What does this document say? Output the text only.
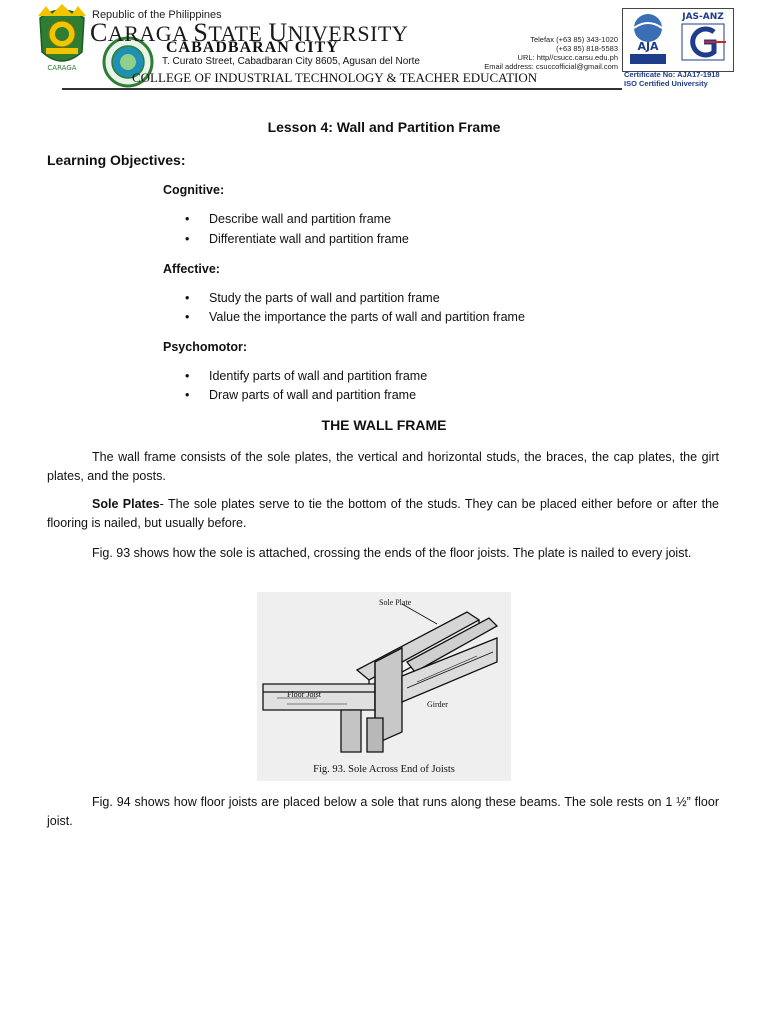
CARAGA
Republic of the Philippines
CARAGA STATE UNIVERSITY
CABADBARAN CITY
T. Curato Street, Cabadbaran City 8605, Agusan del Norte
COLLEGE OF INDUSTRIAL TECHNOLOGY & TEACHER EDUCATION
Telefax (+63 85) 343-1020
(+63 85) 818-5583
URL: http//csucc.carsu.edu.ph
Email address: csuccofficial@gmail.com
AJA
JAS-ANZ
Certificate No: AJA17-1918
ISO Certified University
Lesson 4: Wall and Partition Frame
Learning Objectives:
Cognitive:
Describe wall and partition frame
Differentiate wall and partition frame
Affective:
Study the parts of wall and partition frame
Value the importance the parts of wall and partition frame
Psychomotor:
Identify parts of wall and partition frame
Draw parts of wall and partition frame
THE WALL FRAME
The wall frame consists of the sole plates, the vertical and horizontal studs, the braces, the cap plates, the girt plates, and the posts.
Sole Plates- The sole plates serve to tie the bottom of the studs. They can be placed either before or after the flooring is nailed, but usually before.
Fig. 93 shows how the sole is attached, crossing the ends of the floor joists. The plate is nailed to every joist.
Sole Plate
Floor Joist
Girder
Fig. 93. Sole Across End of Joists
Fig. 94 shows how floor joists are placed below a sole that runs along these beams. The sole rests on 1 ½” floor joist.
